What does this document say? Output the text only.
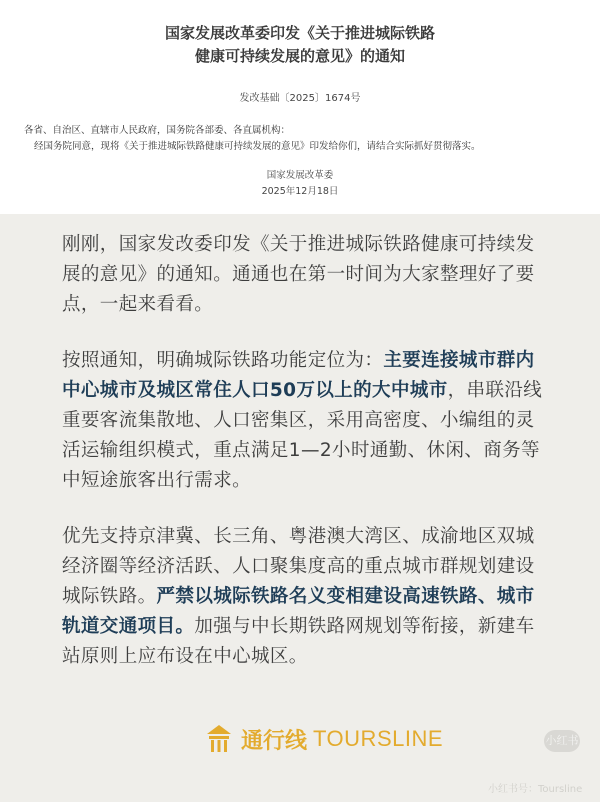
国家发展改革委印发《关于推进城际铁路
健康可持续发展的意见》的通知
发改基础〔2025〕1674号
各省、自治区、直辖市人民政府，国务院各部委、各直属机构：
经国务院同意，现将《关于推进城际铁路健康可持续发展的意见》印发给你们，请结合实际抓好贯彻落实。
国家发展改革委
2025年12月18日

刚刚，国家发改委印发《关于推进城际铁路健康可持续发展的意见》的通知。通通也在第一时间为大家整理好了要点，一起来看看。

按照通知，明确城际铁路功能定位为：主要连接城市群内中心城市及城区常住人口50万以上的大中城市，串联沿线重要客流集散地、人口密集区，采用高密度、小编组的灵活运输组织模式，重点满足1—2小时通勤、休闲、商务等中短途旅客出行需求。

优先支持京津冀、长三角、粤港澳大湾区、成渝地区双城经济圈等经济活跃、人口聚集度高的重点城市群规划建设城际铁路。严禁以城际铁路名义变相建设高速铁路、城市轨道交通项目。加强与中长期铁路网规划等衔接，新建车站原则上应布设在中心城区。

通行线 TOURSLINE	小红书
小红书号：Toursline
